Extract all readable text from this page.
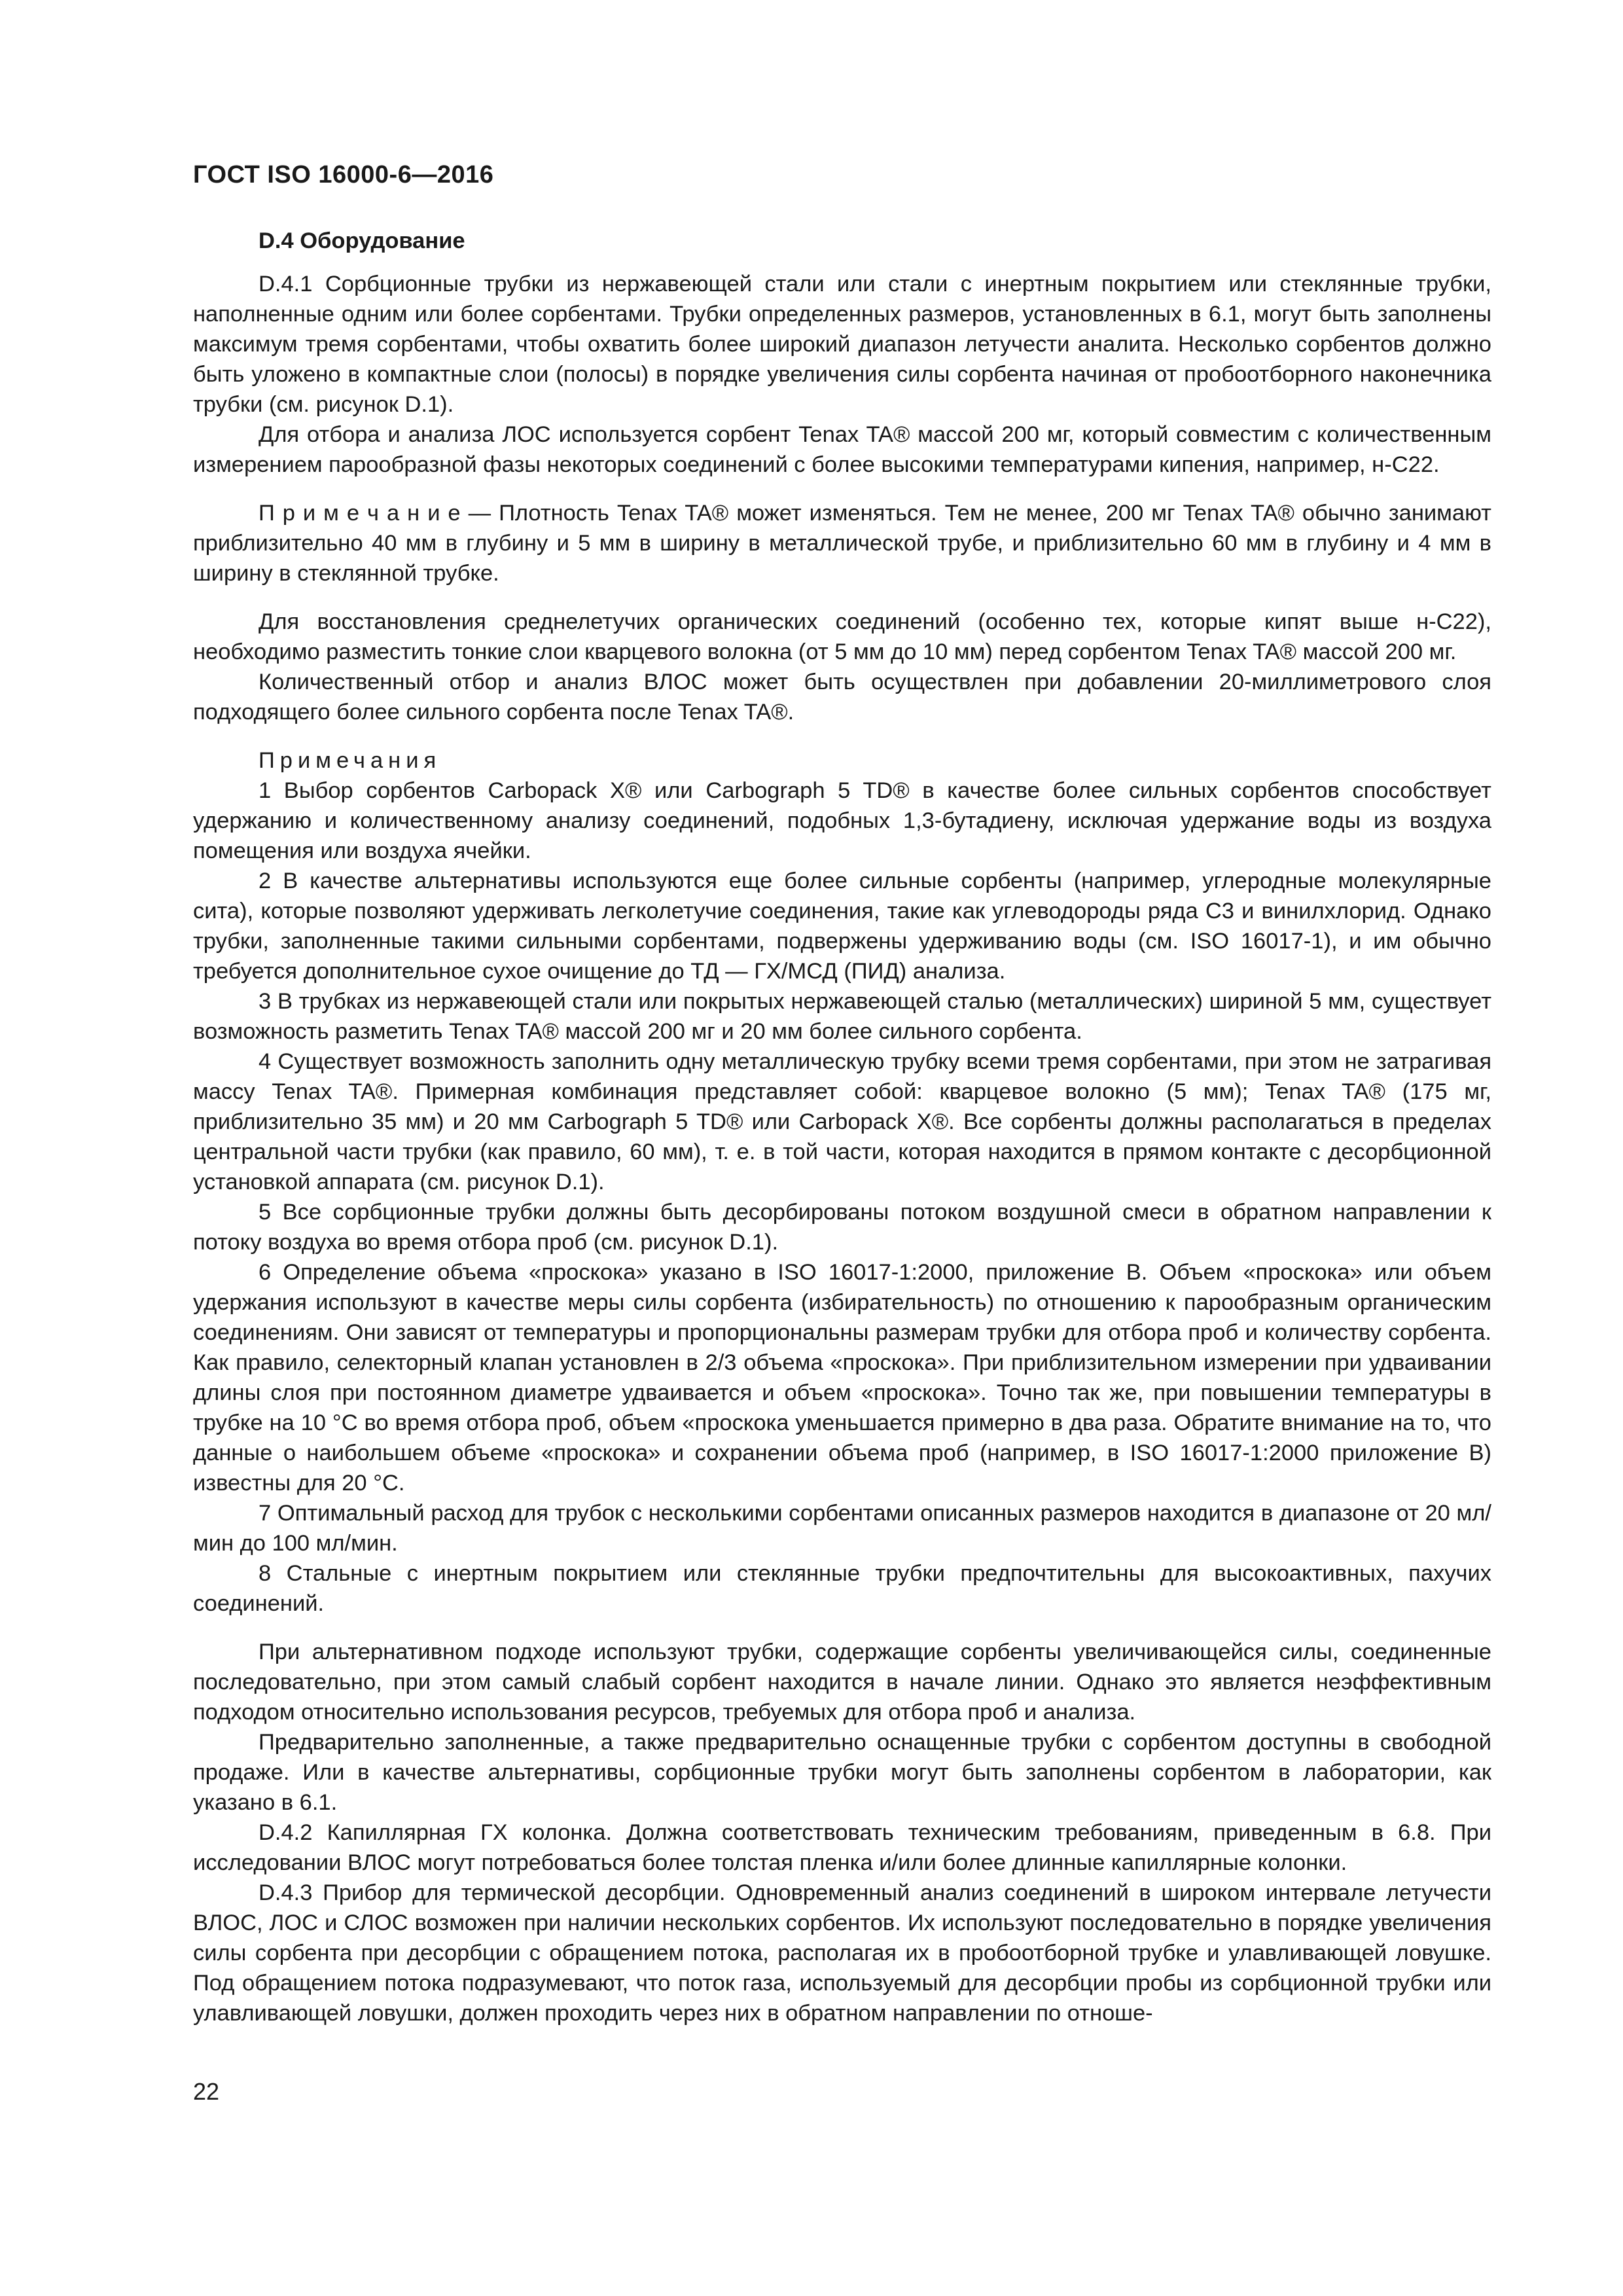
ГОСТ ISO 16000-6—2016

D.4 Оборудование

D.4.1 Сорбционные трубки из нержавеющей стали или стали с инертным покрытием или стеклянные трубки, наполненные одним или более сорбентами. Трубки определенных размеров, установленных в 6.1, могут быть заполнены максимум тремя сорбентами, чтобы охватить более широкий диапазон летучести аналита. Несколько сорбентов должно быть уложено в компактные слои (полосы) в порядке увеличения силы сорбента начиная от пробоотборного наконечника трубки (см. рисунок D.1).

Для отбора и анализа ЛОС используется сорбент Tenax TA® массой 200 мг, который совместим с количественным измерением парообразной фазы некоторых соединений с более высокими температурами кипения, например, н-C22.

П р и м е ч а н и е — Плотность Tenax TA® может изменяться. Тем не менее, 200 мг Tenax TA® обычно занимают приблизительно 40 мм в глубину и 5 мм в ширину в металлической трубе, и приблизительно 60 мм в глубину и 4 мм в ширину в стеклянной трубке.

Для восстановления среднелетучих органических соединений (особенно тех, которые кипят выше н-C22), необходимо разместить тонкие слои кварцевого волокна (от 5 мм до 10 мм) перед сорбентом Tenax TA® массой 200 мг.

Количественный отбор и анализ ВЛОС может быть осуществлен при добавлении 20-миллиметрового слоя подходящего более сильного сорбента после Tenax TA®.

Примечания

1 Выбор сорбентов Carbopack X® или Carbograph 5 TD® в качестве более сильных сорбентов способствует удержанию и количественному анализу соединений, подобных 1,3-бутадиену, исключая удержание воды из воздуха помещения или воздуха ячейки.

2 В качестве альтернативы используются еще более сильные сорбенты (например, углеродные молекулярные сита), которые позволяют удерживать легколетучие соединения, такие как углеводороды ряда C3 и винилхлорид. Однако трубки, заполненные такими сильными сорбентами, подвержены удерживанию воды (см. ISO 16017-1), и им обычно требуется дополнительное сухое очищение до ТД — ГХ/МСД (ПИД) анализа.

3 В трубках из нержавеющей стали или покрытых нержавеющей сталью (металлических) шириной 5 мм, существует возможность разметить Tenax TA® массой 200 мг и 20 мм более сильного сорбента.

4 Существует возможность заполнить одну металлическую трубку всеми тремя сорбентами, при этом не затрагивая массу Tenax TA®. Примерная комбинация представляет собой: кварцевое волокно (5 мм); Tenax TA® (175 мг, приблизительно 35 мм) и 20 мм Carbograph 5 TD® или Carbopack X®. Все сорбенты должны располагаться в пределах центральной части трубки (как правило, 60 мм), т. е. в той части, которая находится в прямом контакте с десорбционной установкой аппарата (см. рисунок D.1).

5 Все сорбционные трубки должны быть десорбированы потоком воздушной смеси в обратном направлении к потоку воздуха во время отбора проб (см. рисунок D.1).

6 Определение объема «проскока» указано в ISO 16017-1:2000, приложение B. Объем «проскока» или объем удержания используют в качестве меры силы сорбента (избирательность) по отношению к парообразным органическим соединениям. Они зависят от температуры и пропорциональны размерам трубки для отбора проб и количеству сорбента. Как правило, селекторный клапан установлен в 2/3 объема «проскока». При приблизительном измерении при удваивании длины слоя при постоянном диаметре удваивается и объем «проскока». Точно так же, при повышении температуры в трубке на 10 °C во время отбора проб, объем «проскока уменьшается примерно в два раза. Обратите внимание на то, что данные о наибольшем объеме «проскока» и сохранении объема проб (например, в ISO 16017-1:2000 приложение B) известны для 20 °C.

7 Оптимальный расход для трубок с несколькими сорбентами описанных размеров находится в диапазоне от 20 мл/мин до 100 мл/мин.

8 Стальные с инертным покрытием или стеклянные трубки предпочтительны для высокоактивных, пахучих соединений.

При альтернативном подходе используют трубки, содержащие сорбенты увеличивающейся силы, соединенные последовательно, при этом самый слабый сорбент находится в начале линии. Однако это является неэффективным подходом относительно использования ресурсов, требуемых для отбора проб и анализа.

Предварительно заполненные, а также предварительно оснащенные трубки с сорбентом доступны в свободной продаже. Или в качестве альтернативы, сорбционные трубки могут быть заполнены сорбентом в лаборатории, как указано в 6.1.

D.4.2 Капиллярная ГХ колонка. Должна соответствовать техническим требованиям, приведенным в 6.8. При исследовании ВЛОС могут потребоваться более толстая пленка и/или более длинные капиллярные колонки.

D.4.3 Прибор для термической десорбции. Одновременный анализ соединений в широком интервале летучести ВЛОС, ЛОС и СЛОС возможен при наличии нескольких сорбентов. Их используют последовательно в порядке увеличения силы сорбента при десорбции с обращением потока, располагая их в пробоотборной трубке и улавливающей ловушке. Под обращением потока подразумевают, что поток газа, используемый для десорбции пробы из сорбционной трубки или улавливающей ловушки, должен проходить через них в обратном направлении по отноше-

22
